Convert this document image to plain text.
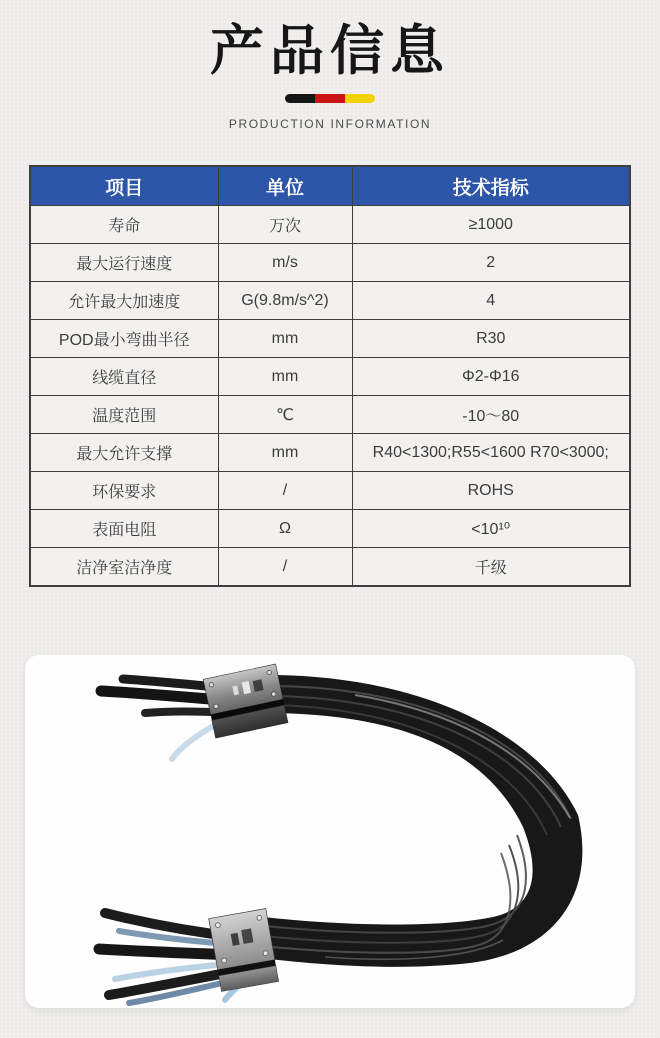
产品信息
PRODUCTION INFORMATION
项目	单位	技术指标
寿命	万次	≥1000
最大运行速度	m/s	2
允许最大加速度	G(9.8m/s^2)	4
POD最小弯曲半径	mm	R30
线缆直径	mm	Φ2-Φ16
温度范围	℃	-10～80
最大允许支撑	mm	R40<1300;R55<1600 R70<3000;
环保要求	/	ROHS
表面电阻	Ω	<10¹⁰
洁净室洁净度	/	千级
